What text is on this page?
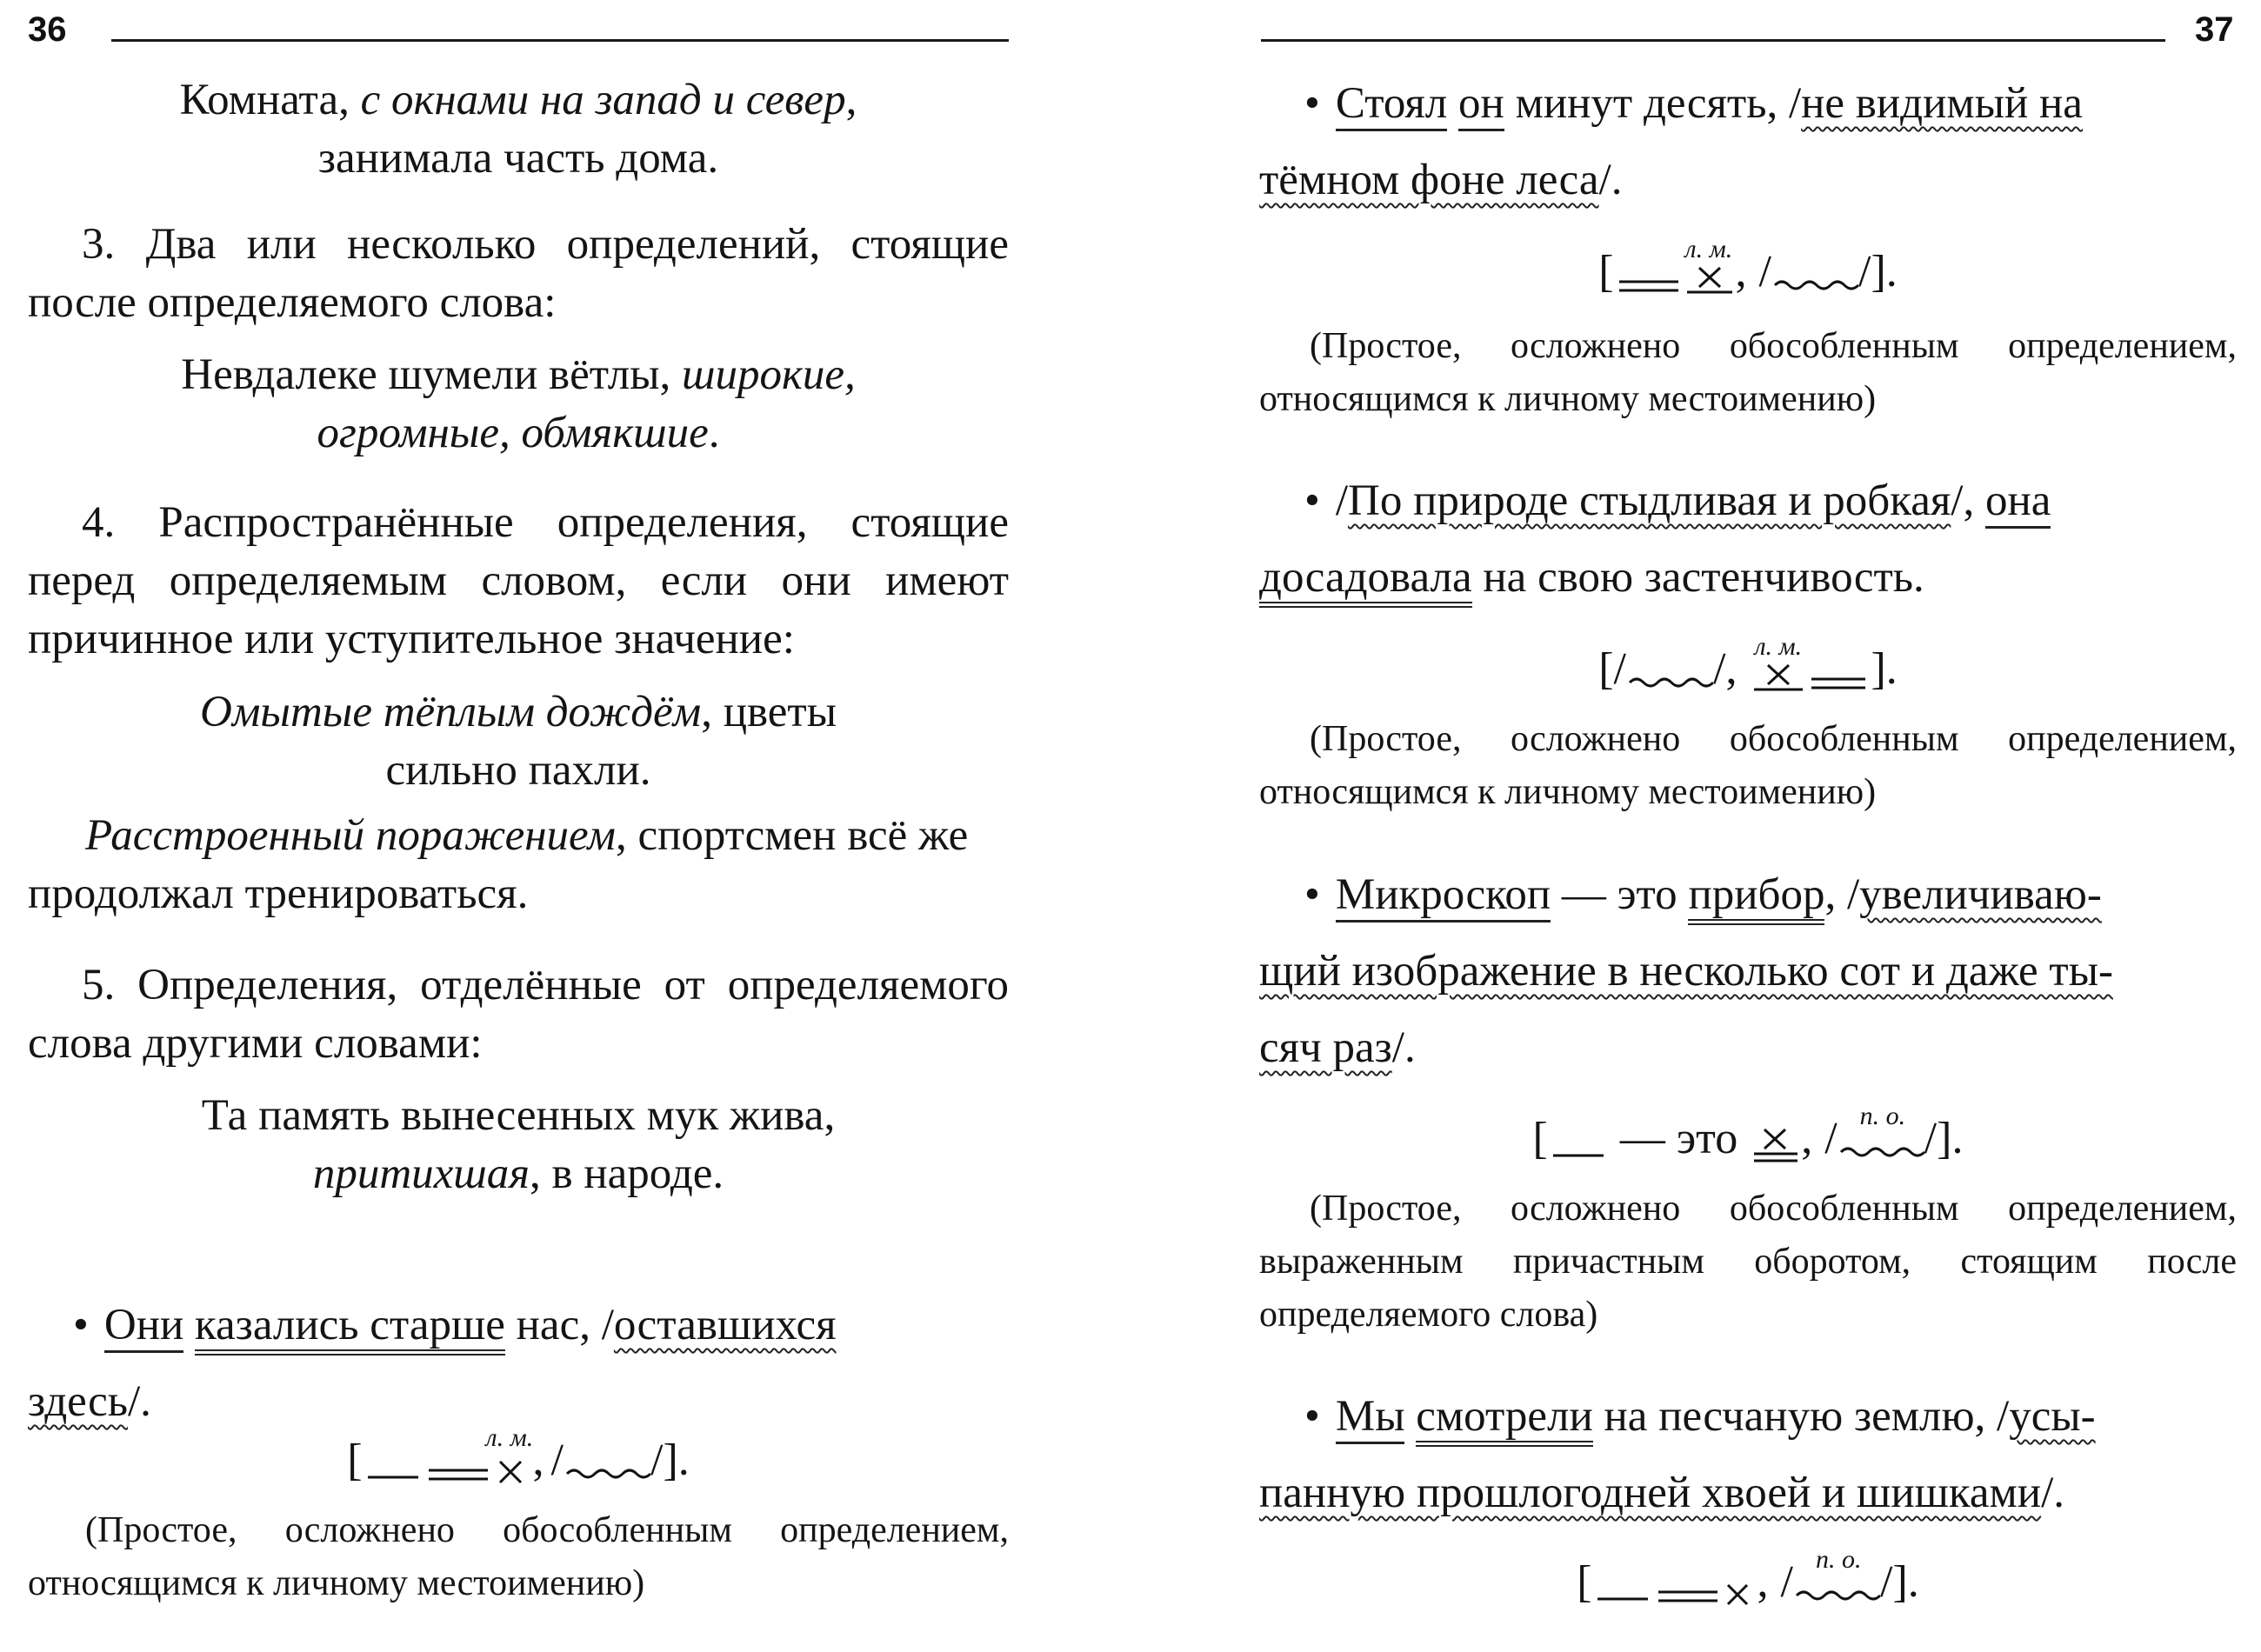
36
Комната, с окнами на запад и север,
занимала часть дома.
3. Два или несколько определений, стоящие после определяемого слова:
Невдалеке шумели вётлы, широкие,
огромные, обмякшие.
4. Распространённые определения, стоящие перед определяемым словом, если они имеют причинное или уступительное значение:
Омытые тёплым дождём, цветы
сильно пахли.
Расстроенный поражением, спортсмен всё же продолжал тренироваться.
5. Определения, отделённые от определяемого слова другими словами:
Та память вынесенных мук жива,
притихшая, в народе.
• Они казались старше нас, /оставшихся
здесь/.
[	л. м. , / / ].
(Простое, осложнено обособленным определением, относящимся к личному местоимению)
37
• Стоял он минут десять, /не видимый на
тёмном фоне леса/.
[	л. м. , / / ].
(Простое, осложнено обособленным определением, относящимся к личному местоимению)
• /По природе стыдливая и робкая/, она
досадовала на свою застенчивость.
[ / / , л. м. ].
(Простое, осложнено обособленным определением, относящимся к личному местоимению)
• Микроскоп — это прибор, /увеличиваю-
щий изображение в несколько сот и даже ты-
сяч раз/.
[ — это , / п. о. / ].
(Простое, осложнено обособленным определением, выраженным причастным оборотом, стоящим после определяемого слова)
• Мы смотрели на песчаную землю, /усы-
панную прошлогодней хвоей и шишками/.
[	, / п. о. / ].
